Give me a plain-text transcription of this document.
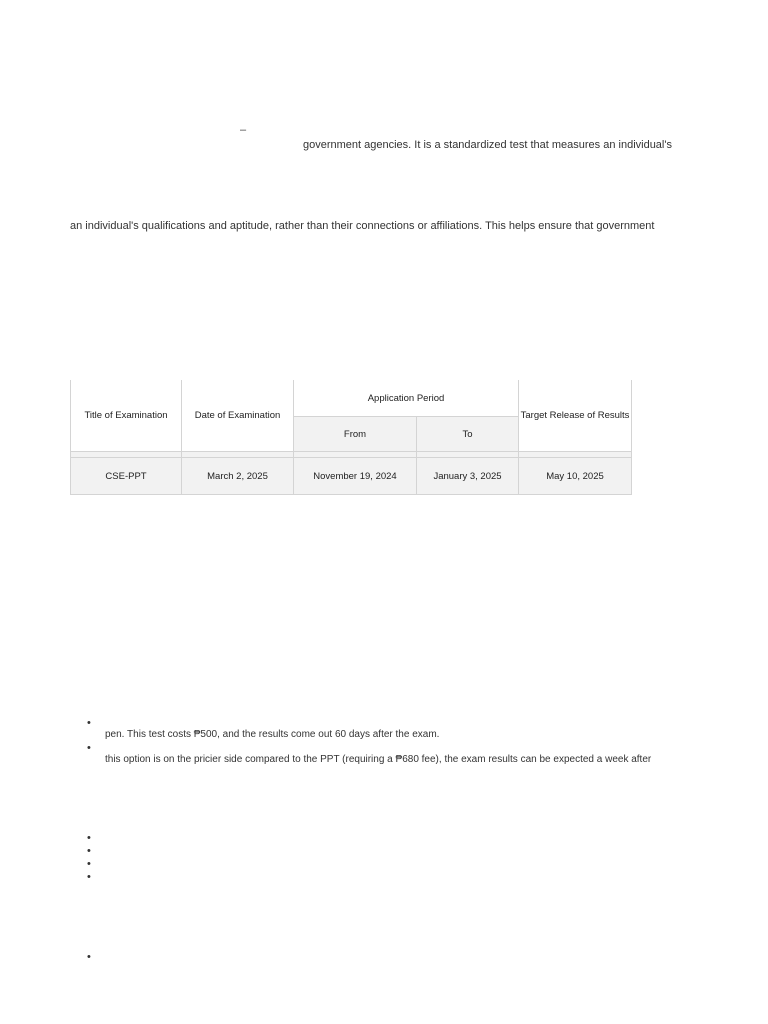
–
government agencies. It is a standardized test that measures an individual's
an individual's qualifications and aptitude, rather than their connections or affiliations. This helps ensure that government
Title of Examination	Date of Examination	Application Period		Target Release of Results
		From	To	

CSE-PPT	March 2, 2025	November 19, 2024	January 3, 2025	May 10, 2025
•
pen. This test costs ₱500, and the results come out 60 days after the exam.
•
this option is on the pricier side compared to the PPT (requiring a ₱680 fee), the exam results can be expected a week after
•
•
•
•
•
